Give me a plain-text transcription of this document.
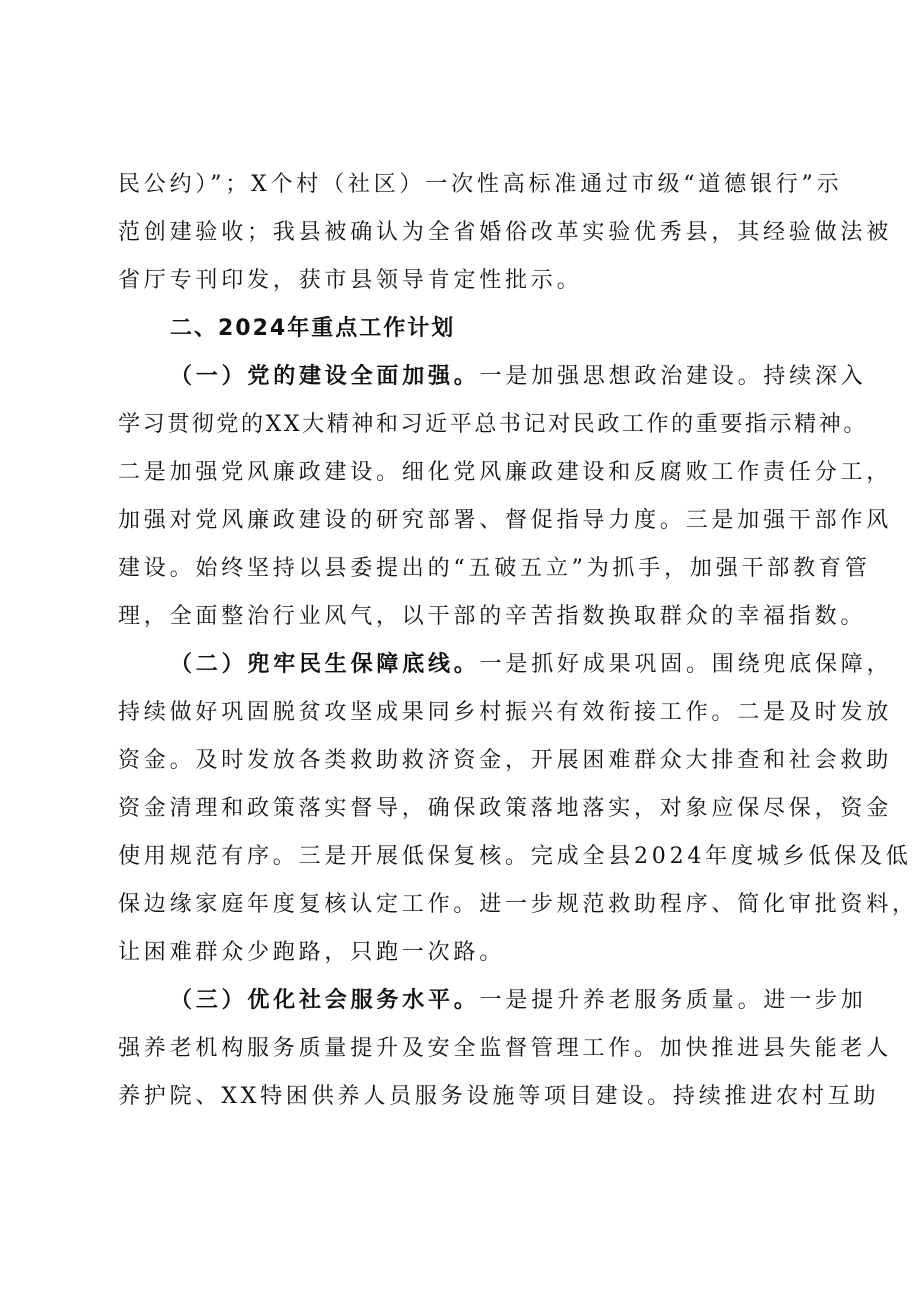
民公约）”；X个村（社区）一次性高标准通过市级“道德银行”示
范创建验收；我县被确认为全省婚俗改革实验优秀县，其经验做法被
省厅专刊印发，获市县领导肯定性批示。
二、2024年重点工作计划
（一）党的建设全面加强。一是加强思想政治建设。持续深入
学习贯彻党的XX大精神和习近平总书记对民政工作的重要指示精神。
二是加强党风廉政建设。细化党风廉政建设和反腐败工作责任分工，
加强对党风廉政建设的研究部署、督促指导力度。三是加强干部作风
建设。始终坚持以县委提出的“五破五立”为抓手，加强干部教育管
理，全面整治行业风气，以干部的辛苦指数换取群众的幸福指数。
（二）兜牢民生保障底线。一是抓好成果巩固。围绕兜底保障，
持续做好巩固脱贫攻坚成果同乡村振兴有效衔接工作。二是及时发放
资金。及时发放各类救助救济资金，开展困难群众大排查和社会救助
资金清理和政策落实督导，确保政策落地落实，对象应保尽保，资金
使用规范有序。三是开展低保复核。完成全县2024年度城乡低保及低
保边缘家庭年度复核认定工作。进一步规范救助程序、简化审批资料，
让困难群众少跑路，只跑一次路。
（三）优化社会服务水平。一是提升养老服务质量。进一步加
强养老机构服务质量提升及安全监督管理工作。加快推进县失能老人
养护院、XX特困供养人员服务设施等项目建设。持续推进农村互助
